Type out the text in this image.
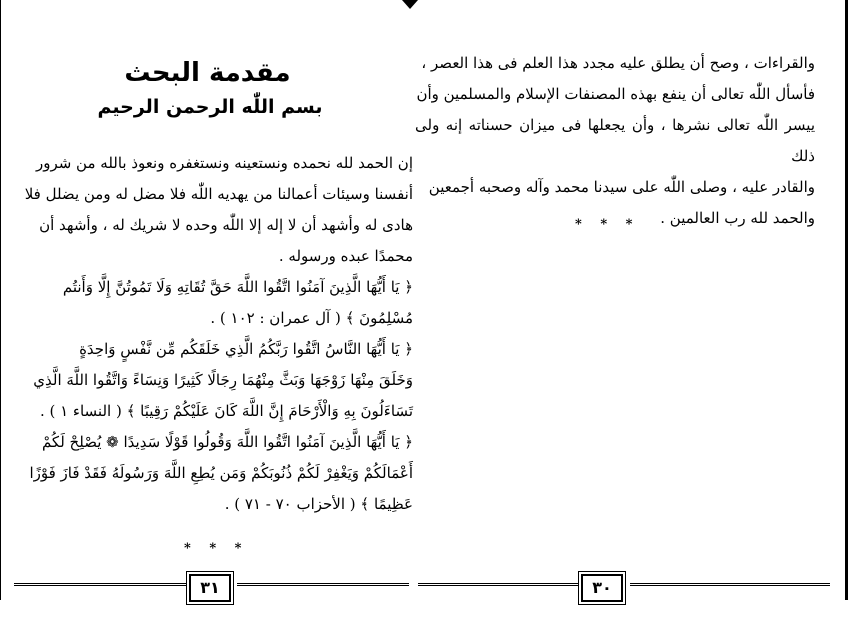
مقدمة البحث
بسم اللّٰه الرحمن الرحيم
إن الحمد لله نحمده ونستعينه ونستغفره ونعوذ بالله من شرور
أنفسنا وسيئات أعمالنا من يهديه اللّٰه فلا مضل له ومن يضلل فلا
هادى له وأشهد أن لا إله إلا اللّٰه وحده لا شريك له ، وأشهد أن
محمدًا عبده ورسوله .
﴿ يَا أَيُّهَا الَّذِينَ آمَنُوا اتَّقُوا اللَّهَ حَقَّ تُقَاتِهِ وَلَا تَمُوتُنَّ إِلَّا وَأَنتُم
مُسْلِمُونَ ﴾ ( آل عمران : ١٠٢ ) .
﴿ يَا أَيُّهَا النَّاسُ اتَّقُوا رَبَّكُمُ الَّذِي خَلَقَكُم مِّن نَّفْسٍ وَاحِدَةٍ
وَخَلَقَ مِنْهَا زَوْجَهَا وَبَثَّ مِنْهُمَا رِجَالًا كَثِيرًا وَنِسَاءً وَاتَّقُوا اللَّهَ الَّذِي
تَسَاءَلُونَ بِهِ وَالْأَرْحَامَ إِنَّ اللَّهَ كَانَ عَلَيْكُمْ رَقِيبًا ﴾ ( النساء ١ ) .
﴿ يَا أَيُّهَا الَّذِينَ آمَنُوا اتَّقُوا اللَّهَ وَقُولُوا قَوْلًا سَدِيدًا ❁ يُصْلِحْ لَكُمْ
أَعْمَالَكُمْ وَيَغْفِرْ لَكُمْ ذُنُوبَكُمْ وَمَن يُطِعِ اللَّهَ وَرَسُولَهُ فَقَدْ فَازَ فَوْزًا
عَظِيمًا ﴾ ( الأحزاب ٧٠ - ٧١ ) .
* * *
٣١
والقراءات ، وصح أن يطلق عليه مجدد هذا العلم فى هذا العصر ،
فأسأل اللّٰه تعالى أن ينفع بهذه المصنفات الإسلام والمسلمين وأن
ييسر اللّٰه تعالى نشرها ، وأن يجعلها فى ميزان حسناته إنه ولى ذلك
والقادر عليه ، وصلى اللّٰه على سيدنا محمد وآله وصحبه أجمعين
والحمد لله رب العالمين .
* * *
٣٠
